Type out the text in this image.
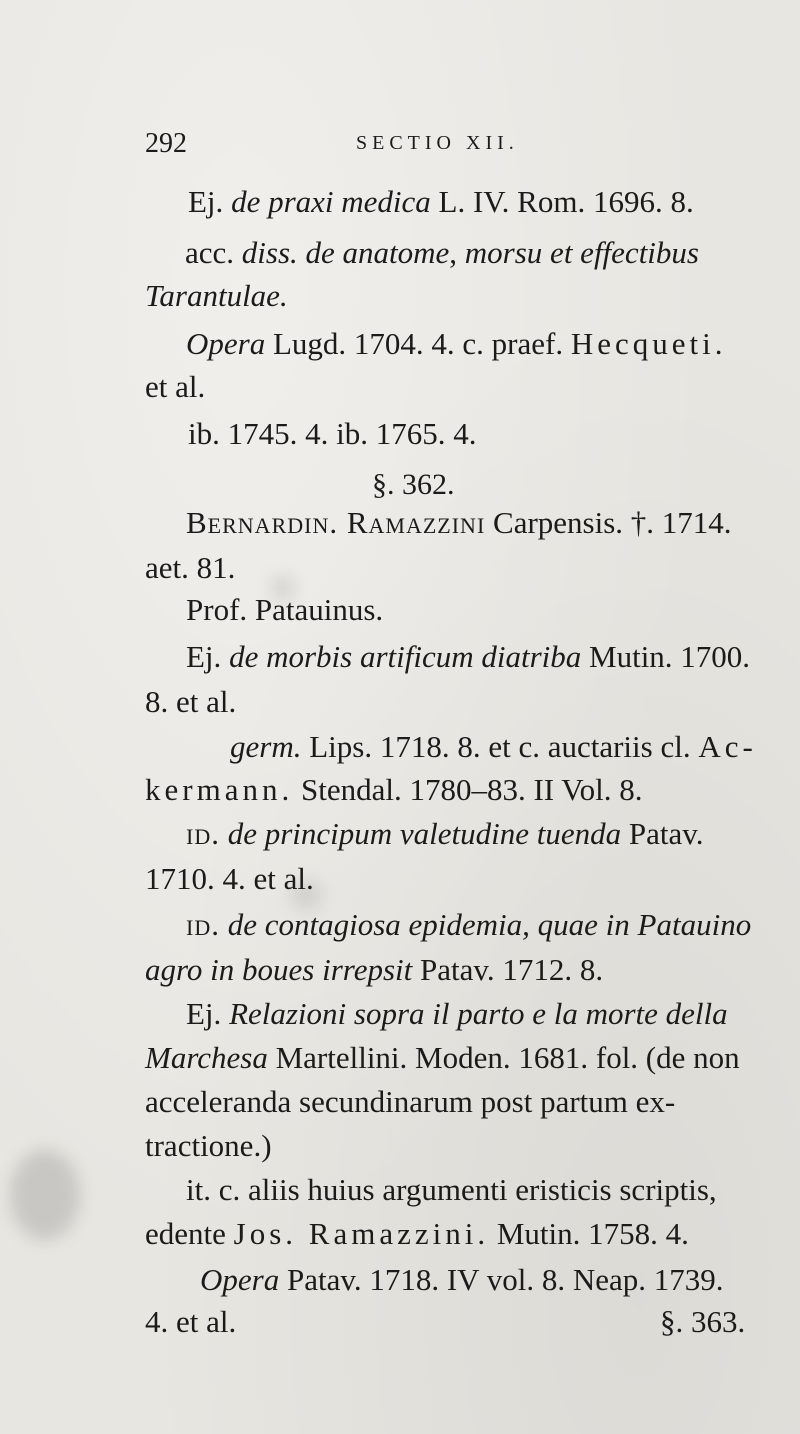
292	SECTIO XII.
Ej. de praxi medica L. IV. Rom. 1696. 8.
acc. diss. de anatome, morsu et effectibus
Tarantulae.
Opera Lugd. 1704. 4. c. praef. Hecqueti.
et al.
ib. 1745. 4. ib. 1765. 4.
§. 362.
Bernardin. Ramazzini Carpensis. †. 1714.
aet. 81.
Prof. Patauinus.
Ej. de morbis artificum diatriba Mutin. 1700.
8. et al.
germ. Lips. 1718. 8. et c. auctariis cl. Ac-
kermann. Stendal. 1780–83. II Vol. 8.
id. de principum valetudine tuenda Patav.
1710. 4. et al.
id. de contagiosa epidemia, quae in Patauino
agro in boues irrepsit Patav. 1712. 8.
Ej. Relazioni sopra il parto e la morte della
Marchesa Martellini. Moden. 1681. fol. (de non
acceleranda secundinarum post partum ex-
tractione.)
it. c. aliis huius argumenti eristicis scriptis,
edente Jos. Ramazzini. Mutin. 1758. 4.
Opera Patav. 1718. IV vol. 8. Neap. 1739.
4. et al.	§. 363.
